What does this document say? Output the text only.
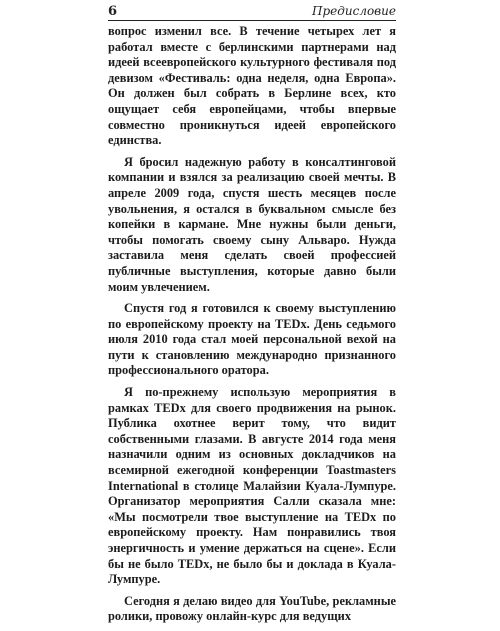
6	Предисловие

вопрос изменил все. В течение четырех лет я работал вместе с берлинскими партнерами над идеей всеевропейского культурного фестиваля под девизом «Фестиваль: одна неделя, одна Европа». Он должен был собрать в Берлине всех, кто ощущает себя европейцами, чтобы впервые совместно проникнуться идеей европейского единства.

Я бросил надежную работу в консалтинговой компании и взялся за реализацию своей мечты. В апреле 2009 года, спустя шесть месяцев после увольнения, я остался в буквальном смысле без копейки в кармане. Мне нужны были деньги, чтобы помогать своему сыну Альваро. Нужда заставила меня сделать своей профессией публичные выступления, которые давно были моим увлечением.

Спустя год я готовился к своему выступлению по европейскому проекту на TEDx. День седьмого июля 2010 года стал моей персональной вехой на пути к становлению международно признанного профессионального оратора.

Я по-прежнему использую мероприятия в рамках TEDx для своего продвижения на рынок. Публика охотнее верит тому, что видит собственными глазами. В августе 2014 года меня назначили одним из основных докладчиков на всемирной ежегодной конференции Toastmasters International в столице Малайзии Куала-Лумпуре. Организатор мероприятия Салли сказала мне: «Мы посмотрели твое выступление на TEDx по европейскому проекту. Нам понравились твоя энергичность и умение держаться на сцене». Если бы не было TEDx, не было бы и доклада в Куала-Лумпуре.

Сегодня я делаю видео для YouTube, рекламные ролики, провожу онлайн-курс для ведущих
